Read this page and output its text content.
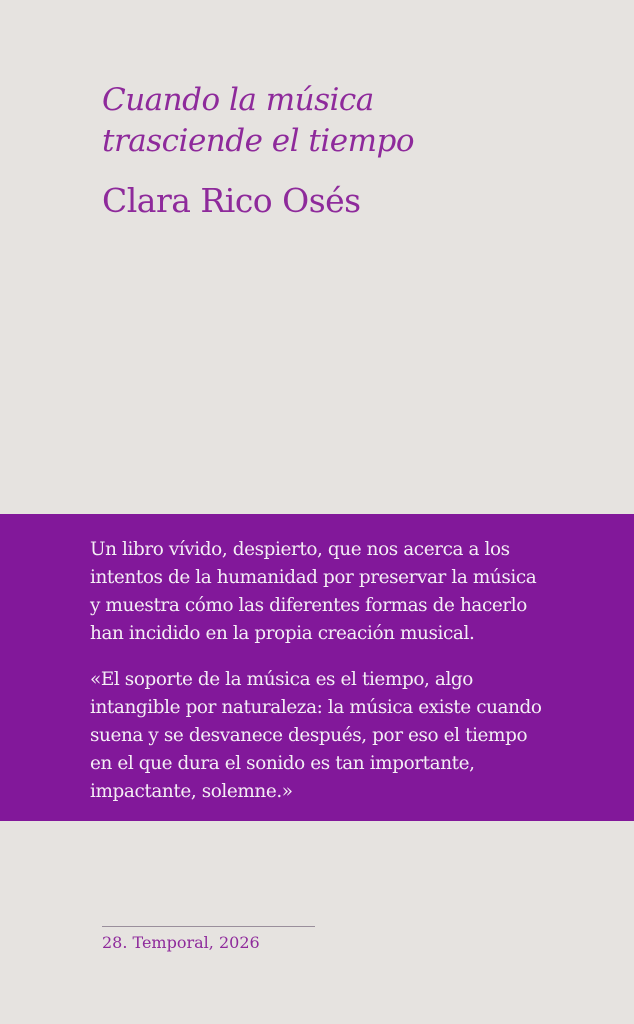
Cuando la música
trasciende el tiempo

Clara Rico Osés

Un libro vívido, despierto, que nos acerca a los
intentos de la humanidad por preservar la música
y muestra cómo las diferentes formas de hacerlo
han incidido en la propia creación musical.

«El soporte de la música es el tiempo, algo
intangible por naturaleza: la música existe cuando
suena y se desvanece después, por eso el tiempo
en el que dura el sonido es tan importante,
impactante, solemne.»

28. Temporal, 2026
